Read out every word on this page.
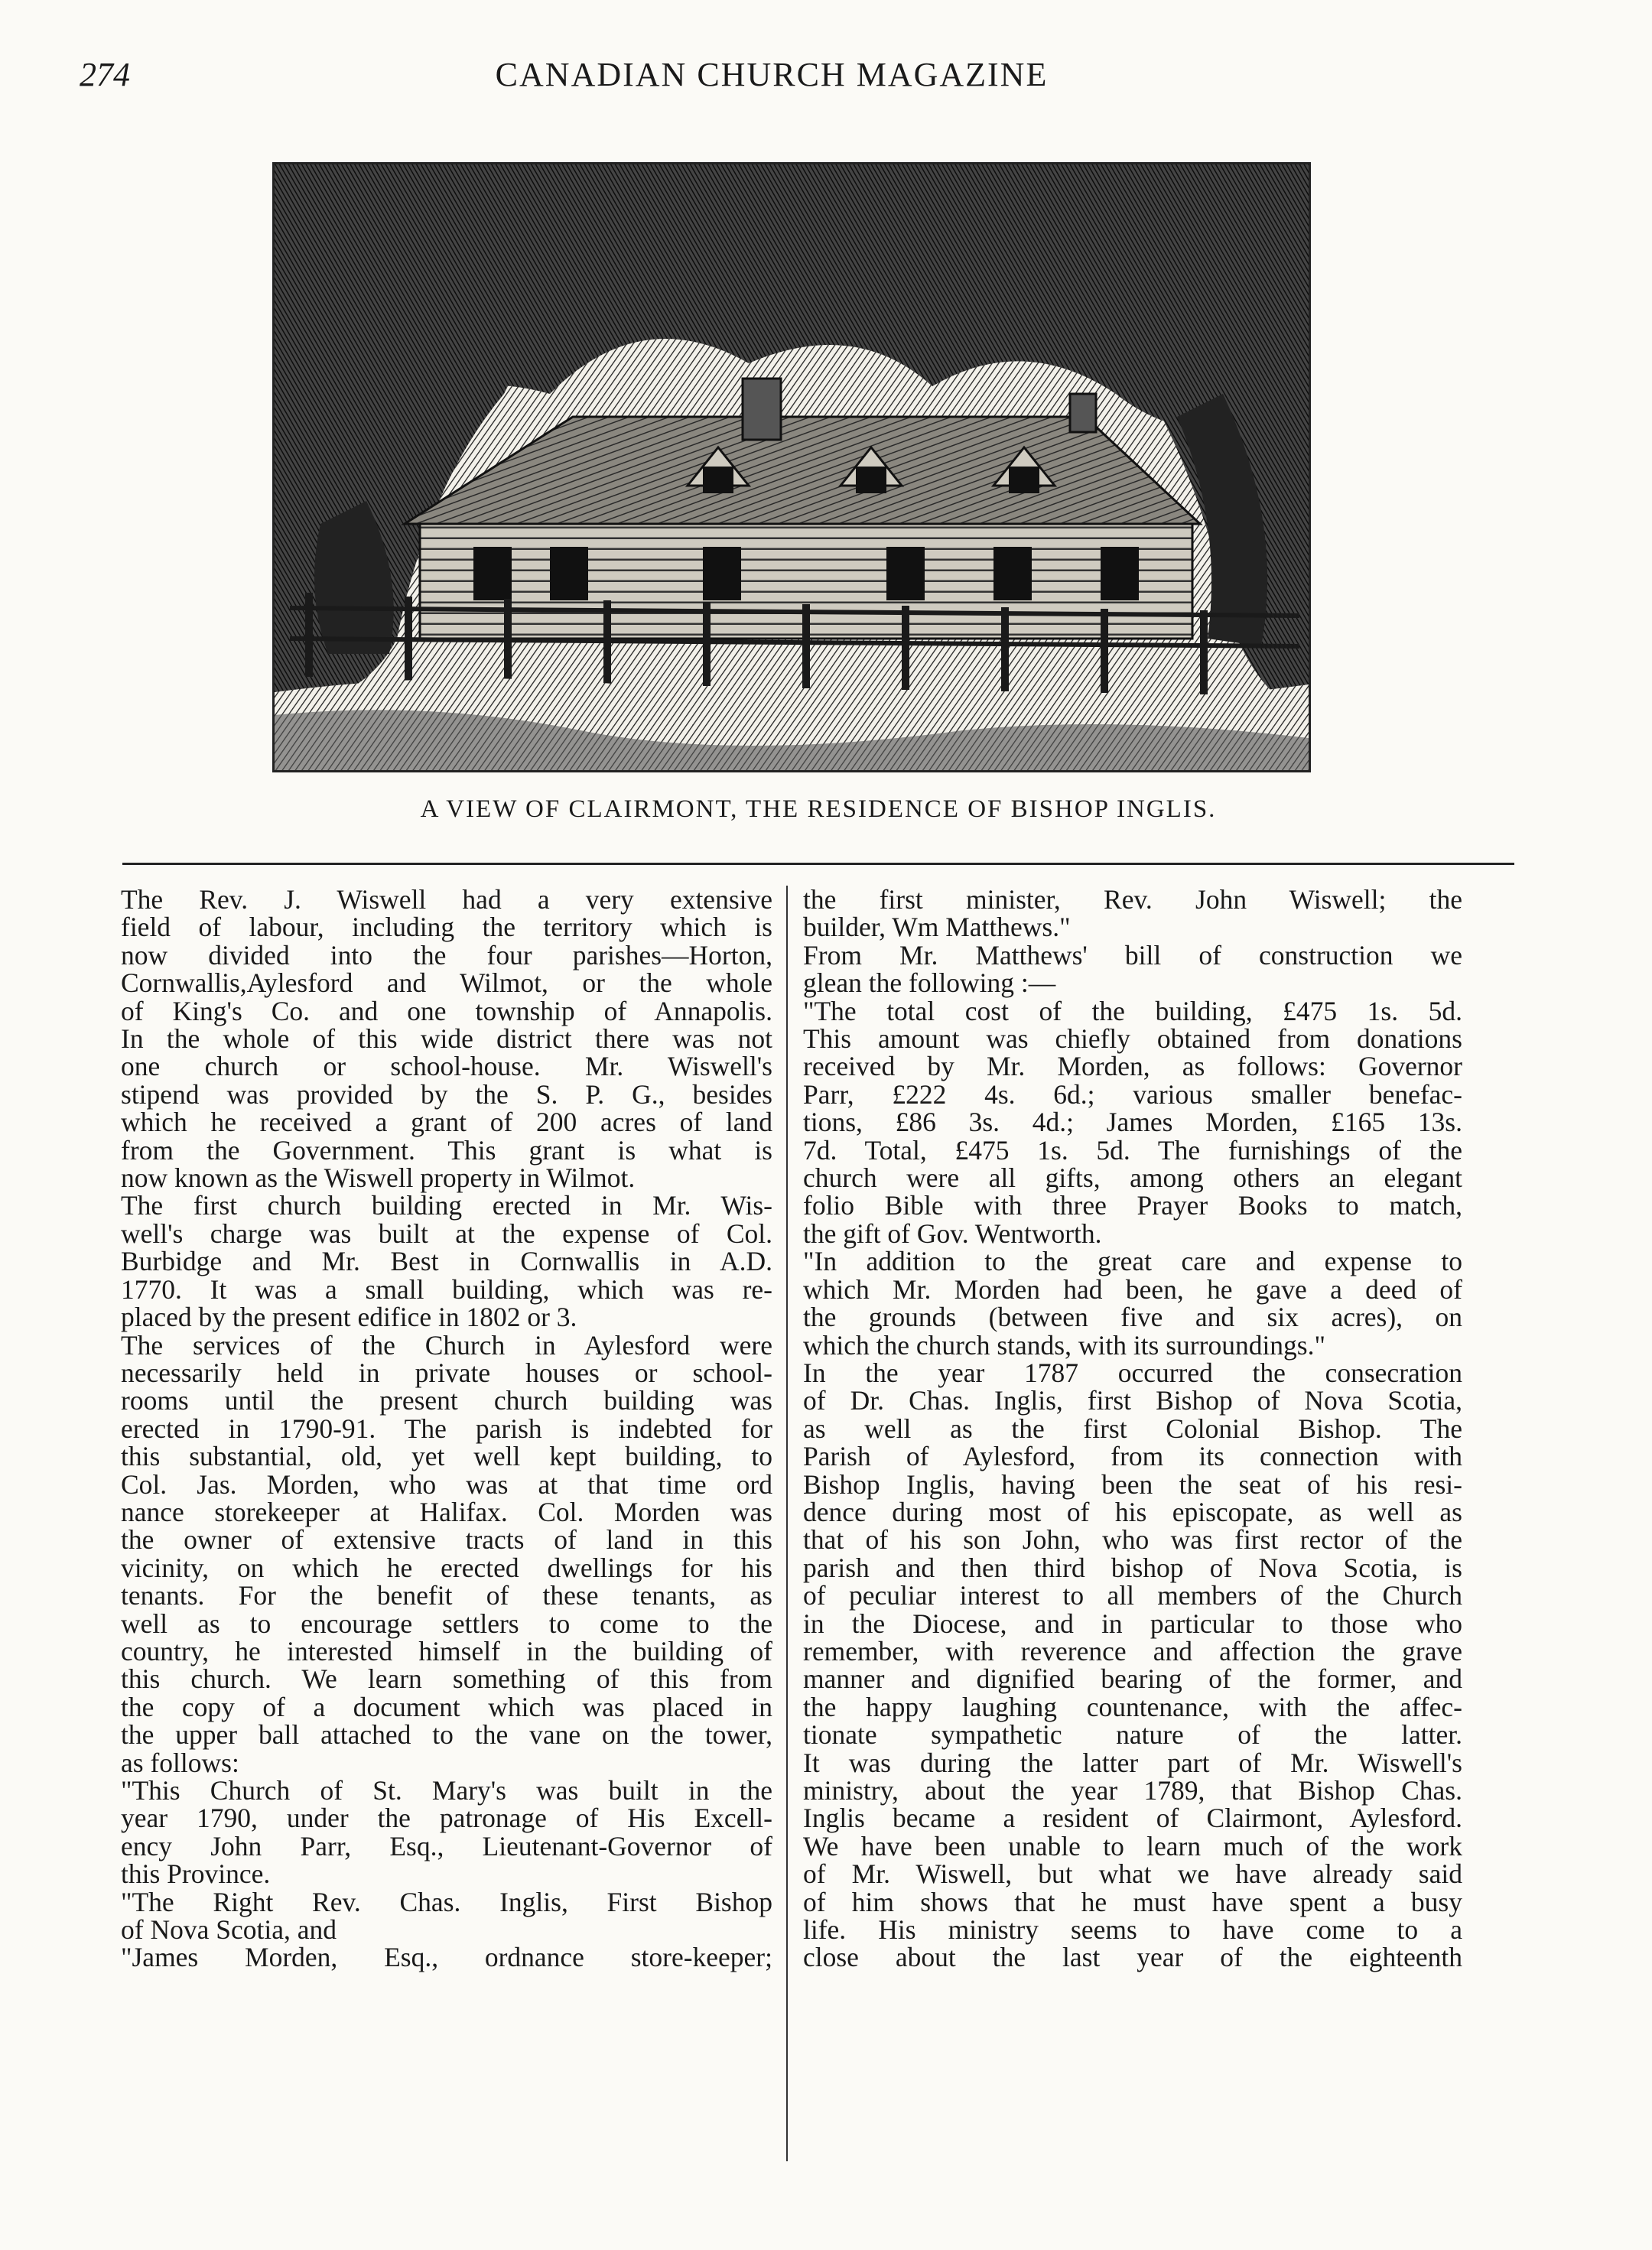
274	CANADIAN CHURCH MAGAZINE
A VIEW OF CLAIRMONT, THE RESIDENCE OF BISHOP INGLIS.

The Rev. J. Wiswell had a very extensive
field of labour, including the territory which is
now divided into the four parishes—Horton,
Cornwallis,Aylesford and Wilmot, or the whole
of King's Co. and one township of Annapolis.
In the whole of this wide district there was not
one church or school-house. Mr. Wiswell's
stipend was provided by the S. P. G., besides
which he received a grant of 200 acres of land
from the Government. This grant is what is
now known as the Wiswell property in Wilmot.

The first church building erected in Mr. Wis-
well's charge was built at the expense of Col.
Burbidge and Mr. Best in Cornwallis in A.D.
1770. It was a small building, which was re-
placed by the present edifice in 1802 or 3.

The services of the Church in Aylesford were
necessarily held in private houses or school-
rooms until the present church building was
erected in 1790-91. The parish is indebted for
this substantial, old, yet well kept building, to
Col. Jas. Morden, who was at that time ord
nance storekeeper at Halifax. Col. Morden was
the owner of extensive tracts of land in this
vicinity, on which he erected dwellings for his
tenants. For the benefit of these tenants, as
well as to encourage settlers to come to the
country, he interested himself in the building of
this church. We learn something of this from
the copy of a document which was placed in
the upper ball attached to the vane on the tower,
as follows:

"This Church of St. Mary's was built in the
year 1790, under the patronage of His Excell-
ency John Parr, Esq., Lieutenant-Governor of
this Province.

"The Right Rev. Chas. Inglis, First Bishop
of Nova Scotia, and

"James Morden, Esq., ordnance store-keeper;

the first minister, Rev. John Wiswell; the
builder, Wm Matthews."

From Mr. Matthews' bill of construction we
glean the following :—

"The total cost of the building, £475 1s. 5d.
This amount was chiefly obtained from donations
received by Mr. Morden, as follows: Governor
Parr, £222 4s. 6d.; various smaller benefac-
tions, £86 3s. 4d.; James Morden, £165 13s.
7d. Total, £475 1s. 5d. The furnishings of the
church were all gifts, among others an elegant
folio Bible with three Prayer Books to match,
the gift of Gov. Wentworth.

"In addition to the great care and expense to
which Mr. Morden had been, he gave a deed of
the grounds (between five and six acres), on
which the church stands, with its surroundings."

In the year 1787 occurred the consecration
of Dr. Chas. Inglis, first Bishop of Nova Scotia,
as well as the first Colonial Bishop. The
Parish of Aylesford, from its connection with
Bishop Inglis, having been the seat of his resi-
dence during most of his episcopate, as well as
that of his son John, who was first rector of the
parish and then third bishop of Nova Scotia, is
of peculiar interest to all members of the Church
in the Diocese, and in particular to those who
remember, with reverence and affection the grave
manner and dignified bearing of the former, and
the happy laughing countenance, with the affec-
tionate sympathetic nature of the latter.
It was during the latter part of Mr. Wiswell's
ministry, about the year 1789, that Bishop Chas.
Inglis became a resident of Clairmont, Aylesford.
We have been unable to learn much of the work
of Mr. Wiswell, but what we have already said
of him shows that he must have spent a busy
life. His ministry seems to have come to a
close about the last year of the eighteenth
